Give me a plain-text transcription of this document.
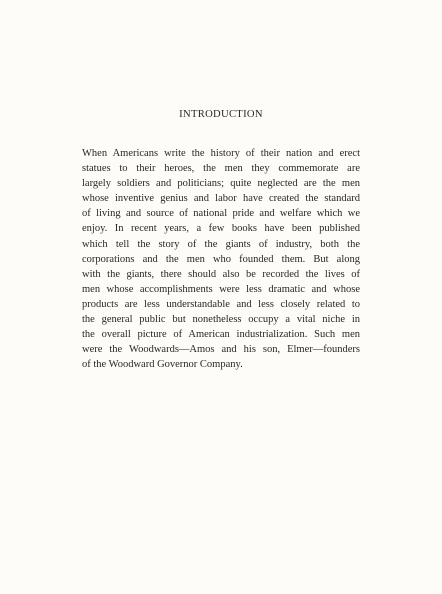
INTRODUCTION
When Americans write the history of their nation and erect
statues to their heroes, the men they commemorate are
largely soldiers and politicians; quite neglected are the men
whose inventive genius and labor have created the standard
of living and source of national pride and welfare which we
enjoy. In recent years, a few books have been published
which tell the story of the giants of industry, both the
corporations and the men who founded them. But along
with the giants, there should also be recorded the lives of
men whose accomplishments were less dramatic and whose
products are less understandable and less closely related to
the general public but nonetheless occupy a vital niche in
the overall picture of American industrialization. Such men
were the Woodwards—Amos and his son, Elmer—founders
of the Woodward Governor Company.
